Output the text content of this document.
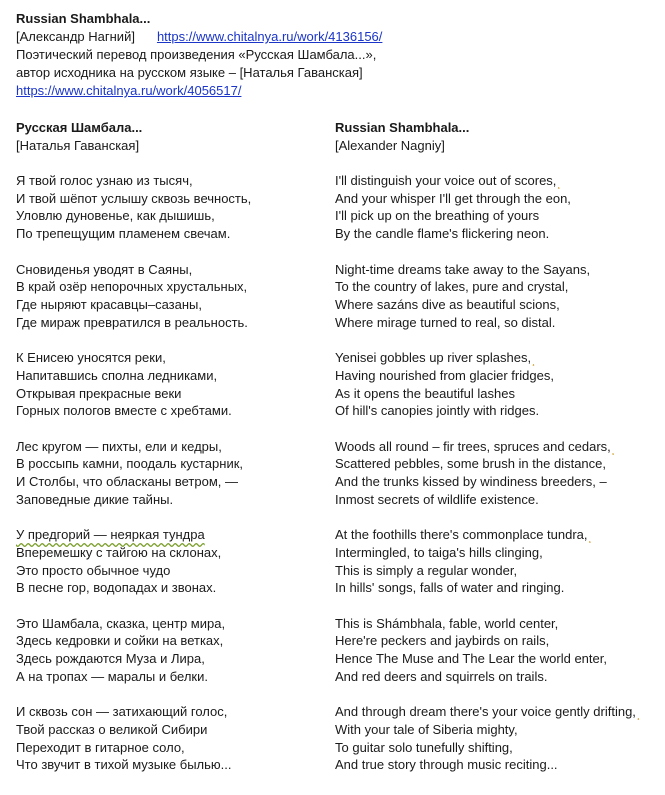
Russian Shambhala...
[Александр Нагний] https://www.chitalnya.ru/work/4136156/
Поэтический перевод произведения «Русская Шамбала...»,
автор исходника на русском языке – [Наталья Гаванская]
https://www.chitalnya.ru/work/4056517/
Русская Шамбала...
[Наталья Гаванская]
Я твой голос узнаю из тысяч,
И твой шёпот услышу сквозь вечность,
Уловлю дуновенье, как дышишь,
По трепещущим пламенем свечам.
Сновиденья уводят в Саяны,
В край озёр непорочных хрустальных,
Где ныряют красавцы–сазаны,
Где мираж превратился в реальность.
К Енисею уносятся реки,
Напитавшись сполна ледниками,
Открывая прекрасные веки
Горных пологов вместе с хребтами.
Лес кругом — пихты, ели и кедры,
В россыпь камни, поодаль кустарник,
И Столбы, что обласканы ветром, —
Заповедные дикие тайны.
У предгорий — неяркая тундра
Вперемешку с тайгою на склонах,
Это просто обычное чудо
В песне гор, водопадах и звонах.
Это Шамбала, сказка, центр мира,
Здесь кедровки и сойки на ветках,
Здесь рождаются Муза и Лира,
А на тропах — маралы и белки.
И сквозь сон — затихающий голос,
Твой рассказ о великой Сибири
Переходит в гитарное соло,
Что звучит в тихой музыке былью...
Russian Shambhala...
[Alexander Nagniy]
I'll distinguish your voice out of scores,¸
And your whisper I'll get through the eon,
I'll pick up on the breathing of yours
By the candle flame's flickering neon.
Night-time dreams take away to the Sayans,
To the country of lakes, pure and crystal,
Where sazáns dive as beautiful scions,
Where mirage turned to real, so distal.
Yenisei gobbles up river splashes,¸
Having nourished from glacier fridges,
As it opens the beautiful lashes
Of hill's canopies jointly with ridges.
Woods all round – fir trees, spruces and cedars,¸
Scattered pebbles, some brush in the distance,
And the trunks kissed by windiness breeders, –
Inmost secrets of wildlife existence.
At the foothills there's commonplace tundra,¸
Intermingled, to taiga's hills clinging,
This is simply a regular wonder,
In hills' songs, falls of water and ringing.
This is Shámbhala, fable, world center,
Here're peckers and jaybirds on rails,
Hence The Muse and The Lear the world enter,
And red deers and squirrels on trails.
And through dream there's your voice gently drifting,¸
With your tale of Siberia mighty,
To guitar solo tunefully shifting,
And true story through music reciting...
